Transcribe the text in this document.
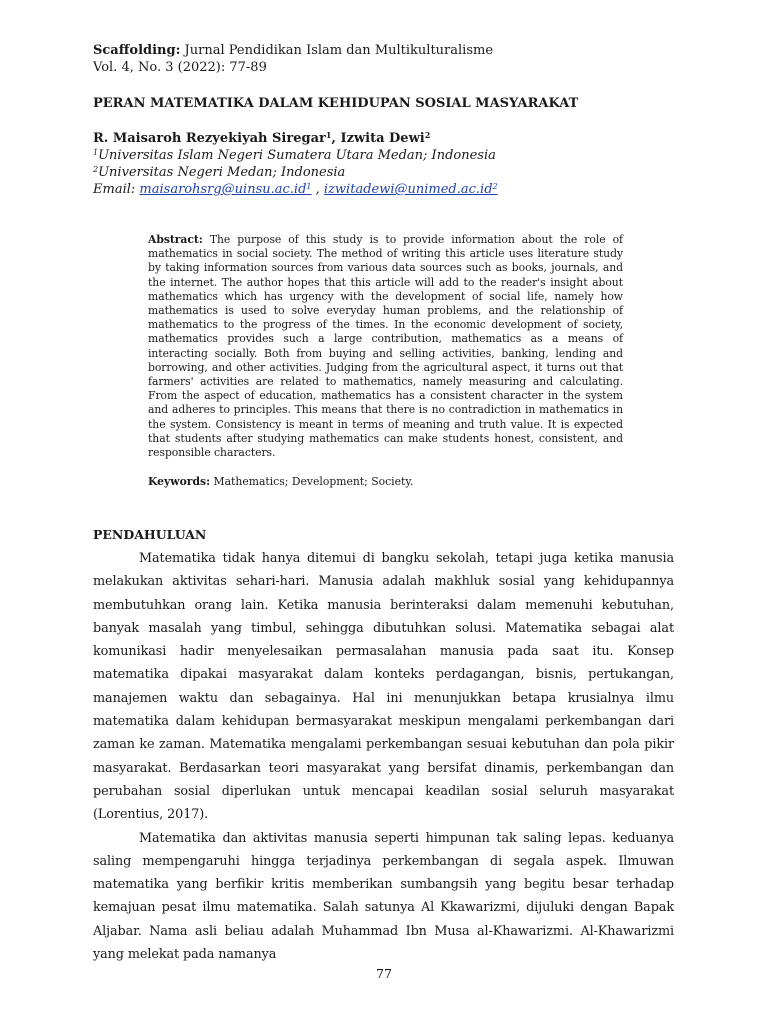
Scaffolding: Jurnal Pendidikan Islam dan Multikulturalisme
Vol. 4, No. 3 (2022): 77-89
PERAN MATEMATIKA DALAM KEHIDUPAN SOSIAL MASYARAKAT
R. Maisaroh Rezyekiyah Siregar$^1$, Izwita Dewi$^2$
$^1$Universitas Islam Negeri Sumatera Utara Medan; Indonesia
$^2$Universitas Negeri Medan; Indonesia
Email: $maisarohsrg@uinsu.ac.id^1$ , $izwitadewi@unimed.ac.id^2$
Abstract: The purpose of this study is to provide information about the role of mathematics in social society. The method of writing this article uses literature study by taking information sources from various data sources such as books, journals, and the internet. The author hopes that this article will add to the reader's insight about mathematics which has urgency with the development of social life, namely how mathematics is used to solve everyday human problems, and the relationship of mathematics to the progress of the times. In the economic development of society, mathematics provides such a large contribution, mathematics as a means of interacting socially. Both from buying and selling activities, banking, lending and borrowing, and other activities. Judging from the agricultural aspect, it turns out that farmers' activities are related to mathematics, namely measuring and calculating. From the aspect of education, mathematics has a consistent character in the system and adheres to principles. This means that there is no contradiction in mathematics in the system. Consistency is meant in terms of meaning and truth value. It is expected that students after studying mathematics can make students honest, consistent, and responsible characters.
Keywords: Mathematics; Development; Society.
PENDAHULUAN

Matematika tidak hanya ditemui di bangku sekolah, tetapi juga ketika manusia melakukan aktivitas sehari-hari. Manusia adalah makhluk sosial yang kehidupannya membutuhkan orang lain. Ketika manusia berinteraksi dalam memenuhi kebutuhan, banyak masalah yang timbul, sehingga dibutuhkan solusi. Matematika sebagai alat komunikasi hadir menyelesaikan permasalahan manusia pada saat itu. Konsep matematika dipakai masyarakat dalam konteks perdagangan, bisnis, pertukangan, manajemen waktu dan sebagainya. Hal ini menunjukkan betapa krusialnya ilmu matematika dalam kehidupan bermasyarakat meskipun mengalami perkembangan dari zaman ke zaman. Matematika mengalami perkembangan sesuai kebutuhan dan pola pikir masyarakat. Berdasarkan teori masyarakat yang bersifat dinamis, perkembangan dan perubahan sosial diperlukan untuk mencapai keadilan sosial seluruh masyarakat (Lorentius, 2017).

Matematika dan aktivitas manusia seperti himpunan tak saling lepas. keduanya saling mempengaruhi hingga terjadinya perkembangan di segala aspek. Ilmuwan matematika yang berfikir kritis memberikan sumbangsih yang begitu besar terhadap kemajuan pesat ilmu matematika. Salah satunya Al Kkawarizmi, dijuluki dengan Bapak Aljabar. Nama asli beliau adalah Muhammad Ibn Musa al-Khawarizmi. Al-Khawarizmi yang melekat pada namanya

77
